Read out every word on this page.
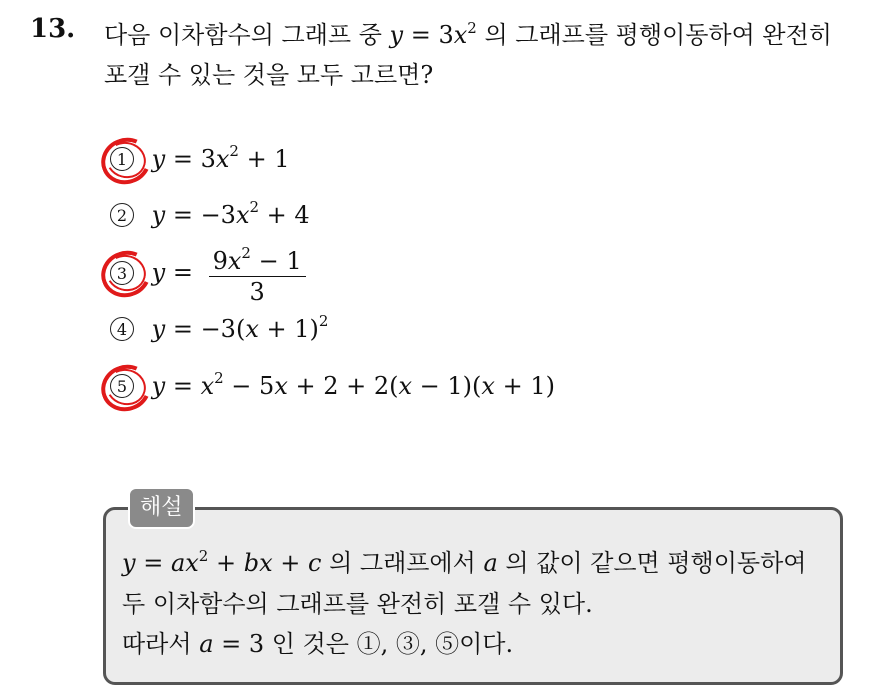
13. 다음 이차함수의 그래프 중 $y = 3x^2$ 의 그래프를 평행이동하여 완전히
포갤 수 있는 것을 모두 고르면?
1 $y = 3x^2 + 1$
2 $y = -3x^2 + 4$
3 $y = \frac{9x^2 - 1}{3}$
4 $y = -3(x + 1)^2$
5 $y = x^2 - 5x + 2 + 2(x - 1)(x + 1)$
해설
$y = ax^2$ + bx + c 의 그래프에서 a 의 값이 같으면 평행이동하여
두 이차함수의 그래프를 완전히 포갤 수 있다.
따라서 a = 3 인 것은 ①, ③, ⑤이다.
